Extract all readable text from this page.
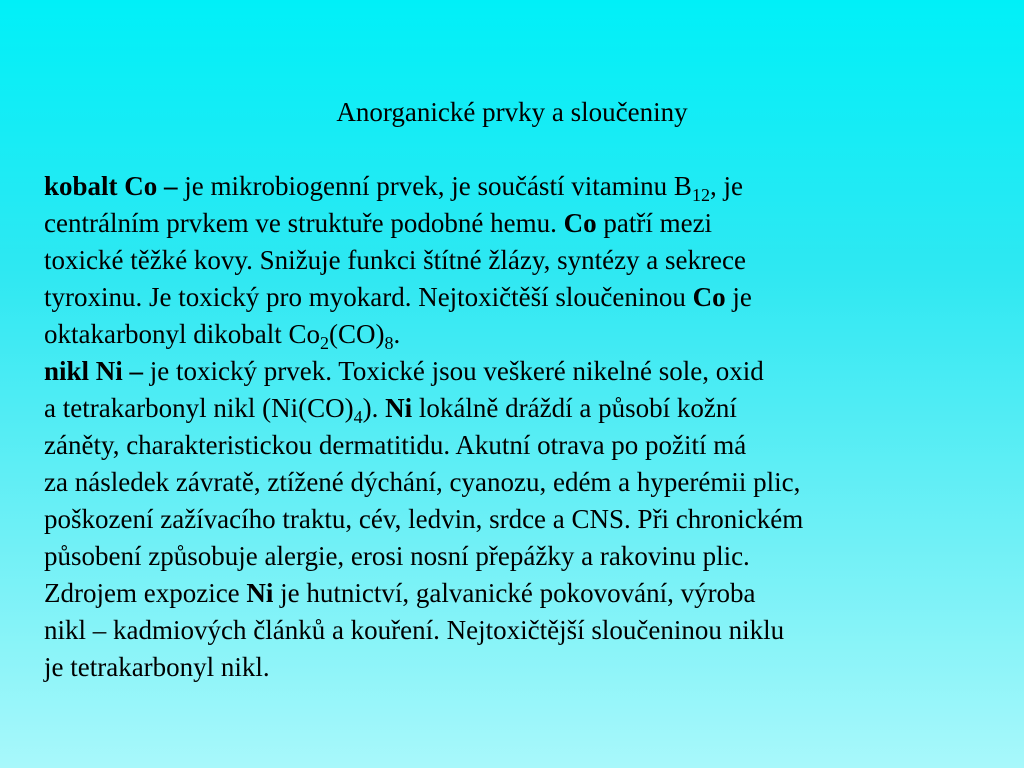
Anorganické prvky a sloučeniny
kobalt Co – je mikrobiogenní prvek, je součástí vitaminu $B_{12}$, je
centrálním prvkem ve struktuře podobné hemu. Co patří mezi
toxické těžké kovy. Snižuje funkci štítné žlázy, syntézy a sekrece
tyroxinu. Je toxický pro myokard. Nejtoxičtěší sloučeninou Co je
oktakarbonyl dikobalt $Co_2(CO)_8$.
nikl Ni – je toxický prvek. Toxické jsou veškeré nikelné sole, oxid
a tetrakarbonyl nikl $(Ni(CO)_4)$. Ni lokálně dráždí a působí kožní
záněty, charakteristickou dermatitidu. Akutní otrava po požití má
za následek závratě, ztížené dýchání, cyanozu, edém a hyperémii plic,
poškození zažívacího traktu, cév, ledvin, srdce a CNS. Při chronickém
působení způsobuje alergie, erosi nosní přepážky a rakovinu plic.
Zdrojem expozice Ni je hutnictví, galvanické pokovování, výroba
nikl – kadmiových článků a kouření. Nejtoxičtější sloučeninou niklu
je tetrakarbonyl nikl.
